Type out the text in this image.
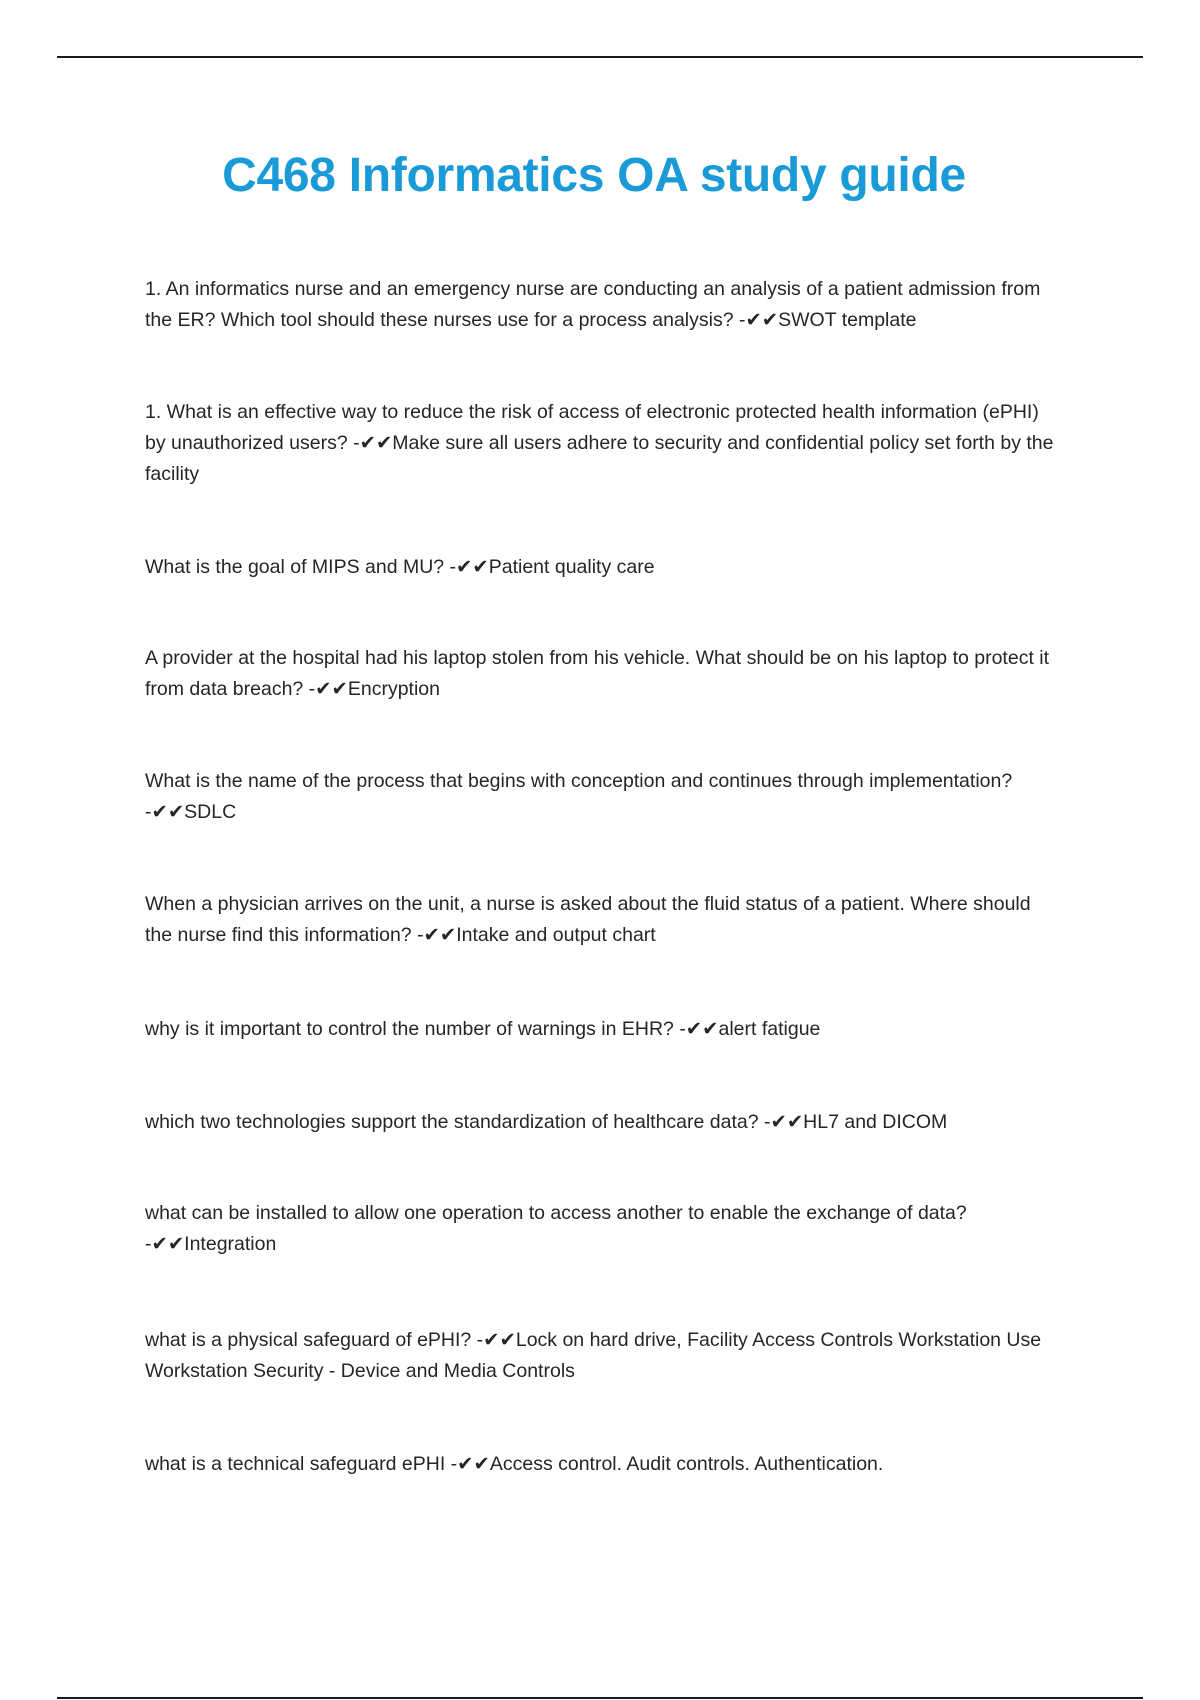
C468 Informatics OA study guide
1. An informatics nurse and an emergency nurse are conducting an analysis of a patient admission from the ER? Which tool should these nurses use for a process analysis? -✔✔SWOT template
1. What is an effective way to reduce the risk of access of electronic protected health information (ePHI) by unauthorized users? -✔✔Make sure all users adhere to security and confidential policy set forth by the facility
What is the goal of MIPS and MU? -✔✔Patient quality care
A provider at the hospital had his laptop stolen from his vehicle. What should be on his laptop to protect it from data breach? -✔✔Encryption
What is the name of the process that begins with conception and continues through implementation? -✔✔SDLC
When a physician arrives on the unit, a nurse is asked about the fluid status of a patient. Where should the nurse find this information? -✔✔Intake and output chart
why is it important to control the number of warnings in EHR? -✔✔alert fatigue
which two technologies support the standardization of healthcare data? -✔✔HL7 and DICOM
what can be installed to allow one operation to access another to enable the exchange of data? -✔✔Integration
what is a physical safeguard of ePHI? -✔✔Lock on hard drive, Facility Access Controls Workstation Use Workstation Security - Device and Media Controls
what is a technical safeguard ePHI -✔✔Access control. Audit controls. Authentication.
